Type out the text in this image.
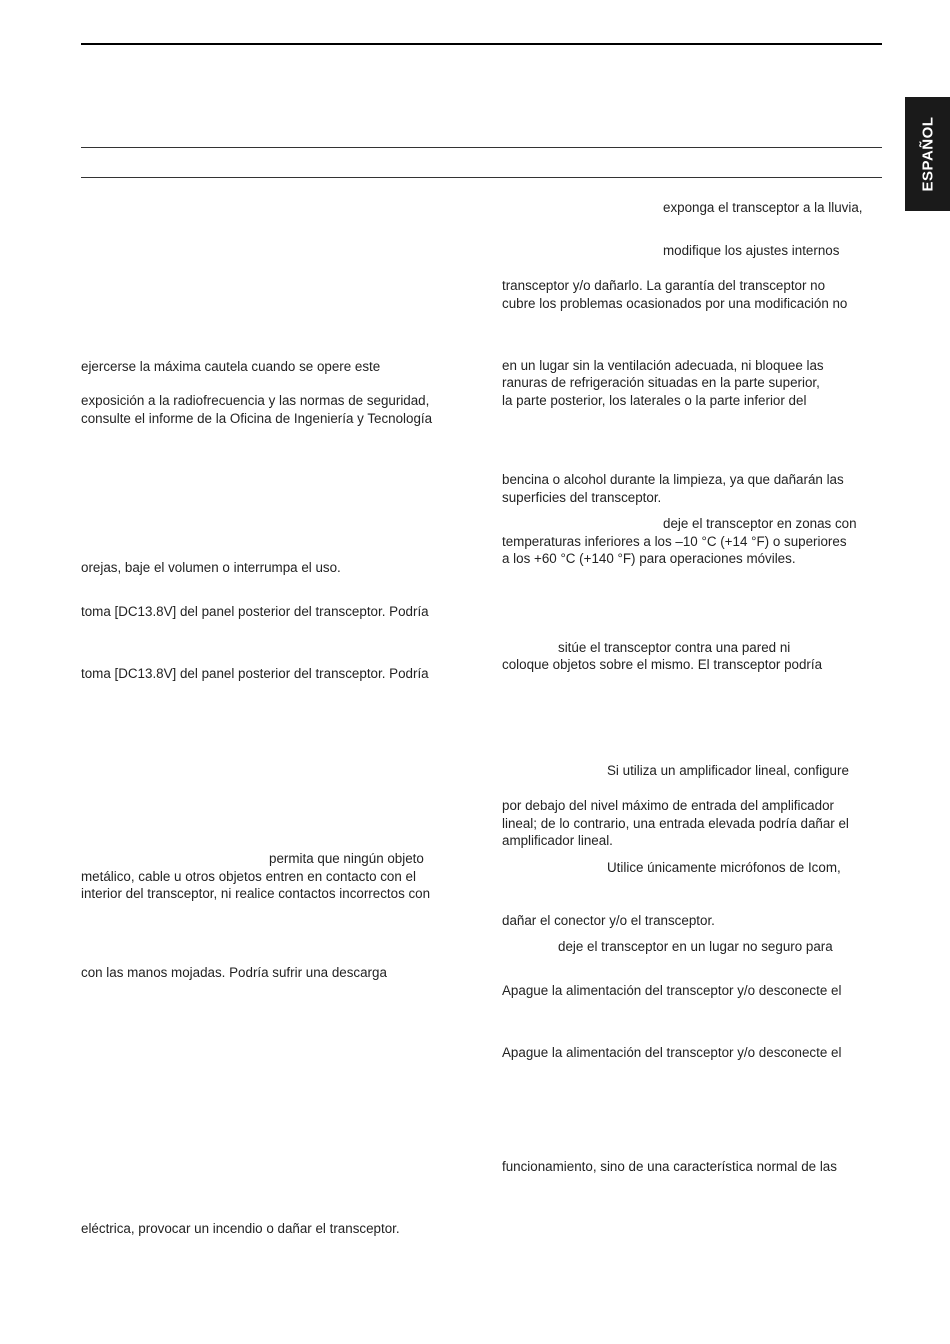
ESPAÑOL
ejercerse la máxima cautela cuando se opere este
exposición a la radiofrecuencia y las normas de seguridad,
consulte el informe de la Oficina de Ingeniería y Tecnología
orejas, baje el volumen o interrumpa el uso.
toma [DC13.8V] del panel posterior del transceptor. Podría
toma [DC13.8V] del panel posterior del transceptor. Podría
permita que ningún objeto
metálico, cable u otros objetos entren en contacto con el
interior del transceptor, ni realice contactos incorrectos con
con las manos mojadas. Podría sufrir una descarga
eléctrica, provocar un incendio o dañar el transceptor.
exponga el transceptor a la lluvia,
modifique los ajustes internos
transceptor y/o dañarlo. La garantía del transceptor no
cubre los problemas ocasionados por una modificación no
en un lugar sin la ventilación adecuada, ni bloquee las
ranuras de refrigeración situadas en la parte superior,
la parte posterior, los laterales o la parte inferior del
bencina o alcohol durante la limpieza, ya que dañarán las
superficies del transceptor.
deje el transceptor en zonas con
temperaturas inferiores a los –10 °C (+14 °F) o superiores
a los +60 °C (+140 °F) para operaciones móviles.
sitúe el transceptor contra una pared ni
coloque objetos sobre el mismo. El transceptor podría
Si utiliza un amplificador lineal, configure
por debajo del nivel máximo de entrada del amplificador
lineal; de lo contrario, una entrada elevada podría dañar el
amplificador lineal.
Utilice únicamente micrófonos de Icom,
dañar el conector y/o el transceptor.
deje el transceptor en un lugar no seguro para
Apague la alimentación del transceptor y/o desconecte el
Apague la alimentación del transceptor y/o desconecte el
funcionamiento, sino de una característica normal de las
